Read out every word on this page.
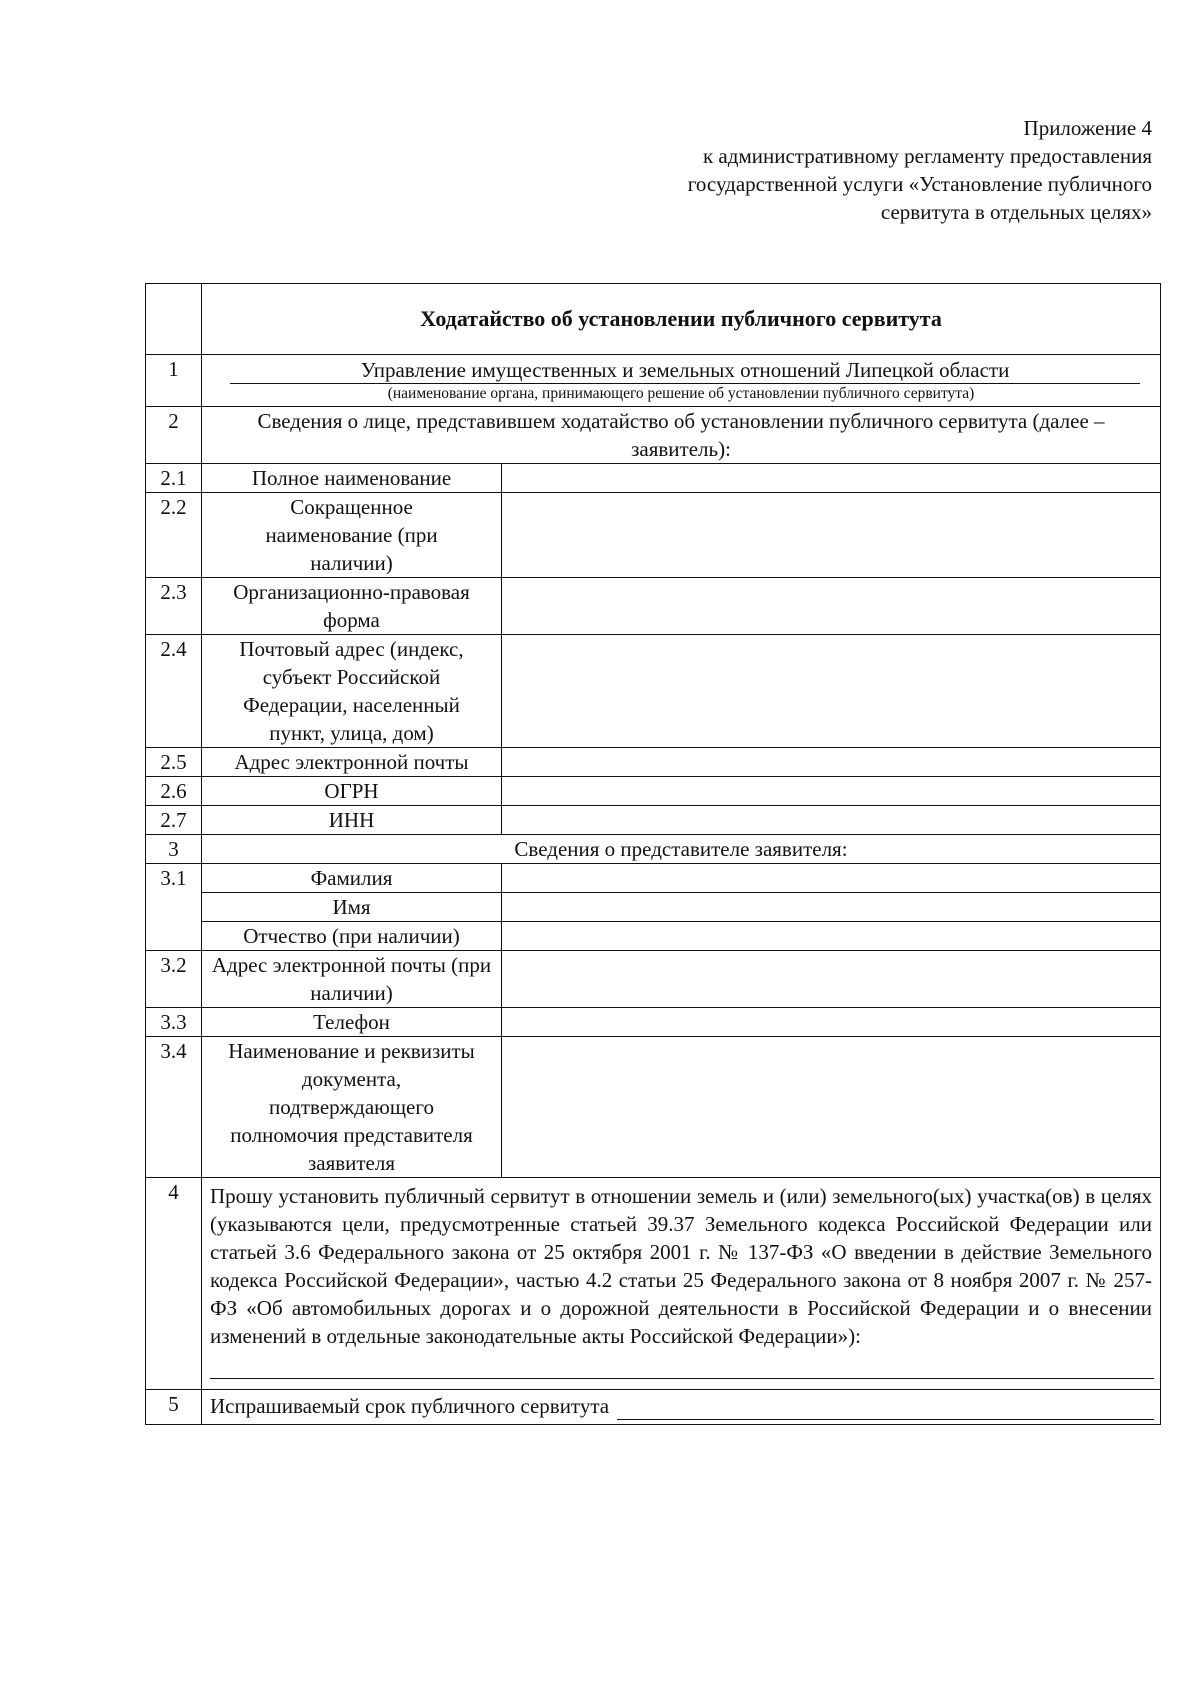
Приложение 4
к административному регламенту предоставления
государственной услуги «Установление публичного
сервитута в отдельных целях»

	Ходатайство об установлении публичного сервитута	

1	Управление имущественных и земельных отношений Липецкой области
(наименование органа, принимающего решение об установлении публичного сервитута)	

2	Сведения о лице, представившем ходатайство об установлении публичного сервитута (далее – заявитель):	
2.1	Полное наименование	
2.2	Сокращенное наименование (при наличии)	
2.3	Организационно-правовая форма	
2.4	Почтовый адрес (индекс, субъект Российской Федерации, населенный пункт, улица, дом)	
2.5	Адрес электронной почты	
2.6	ОГРН	
2.7	ИНН	
3	Сведения о представителе заявителя:	
3.1	Фамилия	
	Имя	
	Отчество (при наличии)	
3.2	Адрес электронной почты (при наличии)	
3.3	Телефон	
3.4	Наименование и реквизиты документа, подтверждающего полномочия представителя заявителя	
4	Прошу установить публичный сервитут в отношении земель и (или) земельного(ых) участка(ов) в целях (указываются цели, предусмотренные статьей 39.37 Земельного кодекса Российской Федерации или статьей 3.6 Федерального закона от 25 октября 2001 г. № 137-ФЗ «О введении в действие Земельного кодекса Российской Федерации», частью 4.2 статьи 25 Федерального закона от 8 ноября 2007 г. № 257-ФЗ «Об автомобильных дорогах и о дорожной деятельности в Российской Федерации и о внесении изменений в отдельные законодательные акты Российской Федерации»):	

5	Испрашиваемый срок публичного сервитута	
